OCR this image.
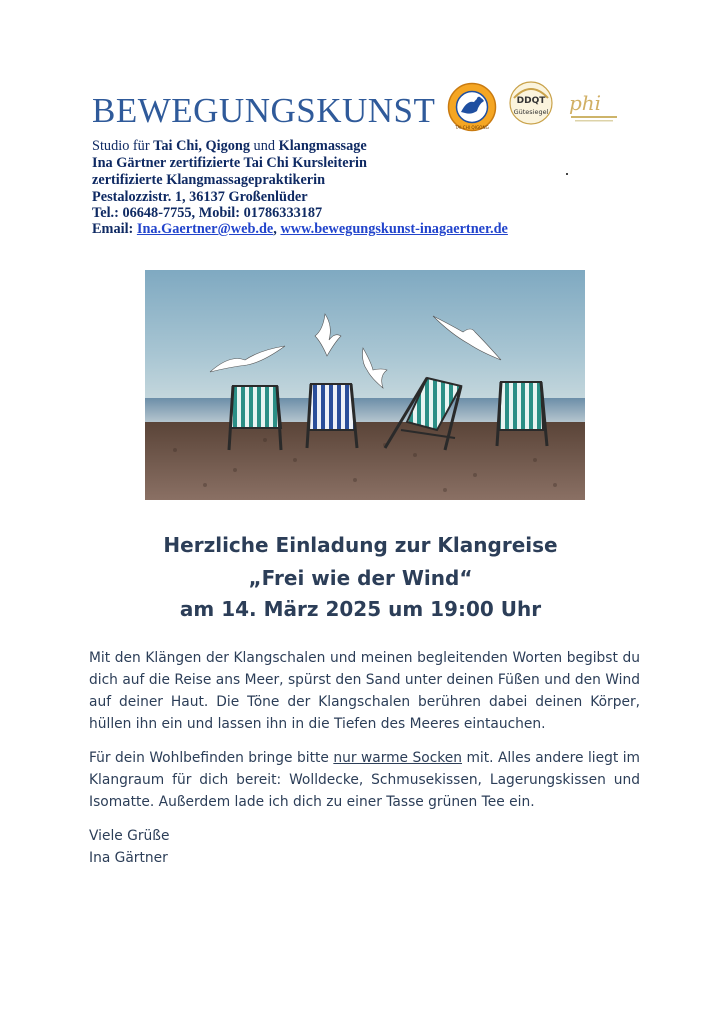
BEWEGUNGSKUNST
Studio für Tai Chi, Qigong und Klangmassage
Ina Gärtner zertifizierte Tai Chi Kursleiterin
zertifizierte Klangmassagepraktikerin
Pestalozzistr. 1, 36137 Großenlüder
Tel.: 06648-7755, Mobil: 01786333187
Email: Ina.Gaertner@web.de, www.bewegungskunst-inagaertner.de
TAI CHI QIGONG
DDQT
Gütesiegel phi
Herzliche Einladung zur Klangreise
„Frei wie der Wind“
am 14. März 2025 um 19:00 Uhr
Mit den Klängen der Klangschalen und meinen begleitenden Worten begibst du dich auf die Reise ans Meer, spürst den Sand unter deinen Füßen und den Wind auf deiner Haut. Die Töne der Klangschalen berühren dabei deinen Körper, hüllen ihn ein und lassen ihn in die Tiefen des Meeres eintauchen.
Für dein Wohlbefinden bringe bitte nur warme Socken mit. Alles andere liegt im Klangraum für dich bereit: Wolldecke, Schmusekissen, Lagerungskissen und Isomatte. Außerdem lade ich dich zu einer Tasse grünen Tee ein.
Viele Grüße
Ina Gärtner
